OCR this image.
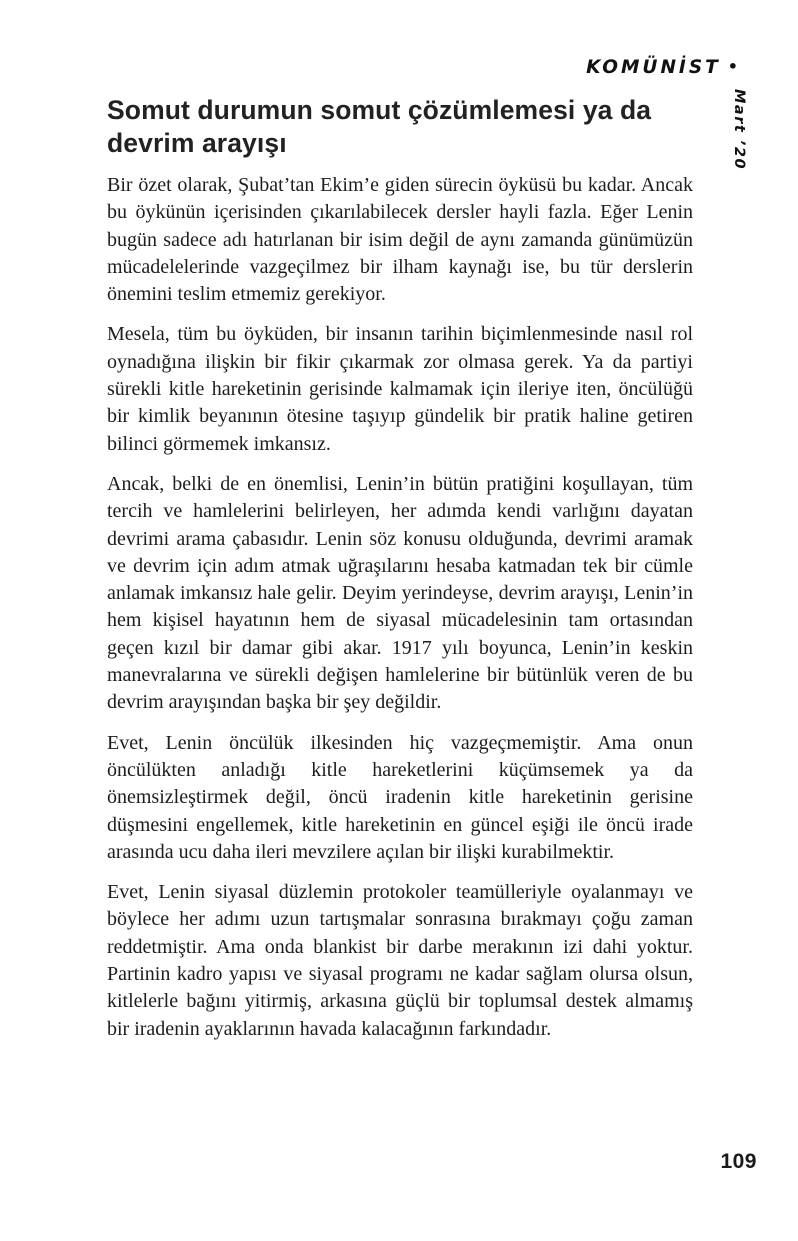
KOMÜNİST •
Mart ’20
Somut durumun somut çözümlemesi ya da devrim arayışı

Bir özet olarak, Şubat’tan Ekim’e giden sürecin öyküsü bu kadar. Ancak bu öykünün içerisinden çıkarılabilecek dersler hayli fazla. Eğer Lenin bugün sadece adı hatırlanan bir isim değil de aynı zamanda günümüzün mücadelelerinde vazgeçilmez bir ilham kaynağı ise, bu tür derslerin önemini teslim etmemiz gerekiyor.

Mesela, tüm bu öyküden, bir insanın tarihin biçimlenmesinde nasıl rol oynadığına ilişkin bir fikir çıkarmak zor olmasa gerek. Ya da partiyi sürekli kitle hareketinin gerisinde kalmamak için ileriye iten, öncülüğü bir kimlik beyanının ötesine taşıyıp gündelik bir pratik haline getiren bilinci görmemek imkansız.

Ancak, belki de en önemlisi, Lenin’in bütün pratiğini koşullayan, tüm tercih ve hamlelerini belirleyen, her adımda kendi varlığını dayatan devrimi arama çabasıdır. Lenin söz konusu olduğunda, devrimi aramak ve devrim için adım atmak uğraşılarını hesaba katmadan tek bir cümle anlamak imkansız hale gelir. Deyim yerindeyse, devrim arayışı, Lenin’in hem kişisel hayatının hem de siyasal mücadelesinin tam ortasından geçen kızıl bir damar gibi akar. 1917 yılı boyunca, Lenin’in keskin manevralarına ve sürekli değişen hamlelerine bir bütünlük veren de bu devrim arayışından başka bir şey değildir.

Evet, Lenin öncülük ilkesinden hiç vazgeçmemiştir. Ama onun öncülükten anladığı kitle hareketlerini küçümsemek ya da önemsizleştirmek değil, öncü iradenin kitle hareketinin gerisine düşmesini engellemek, kitle hareketinin en güncel eşiği ile öncü irade arasında ucu daha ileri mevzilere açılan bir ilişki kurabilmektir.

Evet, Lenin siyasal düzlemin protokoler teamülleriyle oyalanmayı ve böylece her adımı uzun tartışmalar sonrasına bırakmayı çoğu zaman reddetmiştir. Ama onda blankist bir darbe merakının izi dahi yoktur. Partinin kadro yapısı ve siyasal programı ne kadar sağlam olursa olsun, kitlelerle bağını yitirmiş, arkasına güçlü bir toplumsal destek almamış bir iradenin ayaklarının havada kalacağının farkındadır.

109
